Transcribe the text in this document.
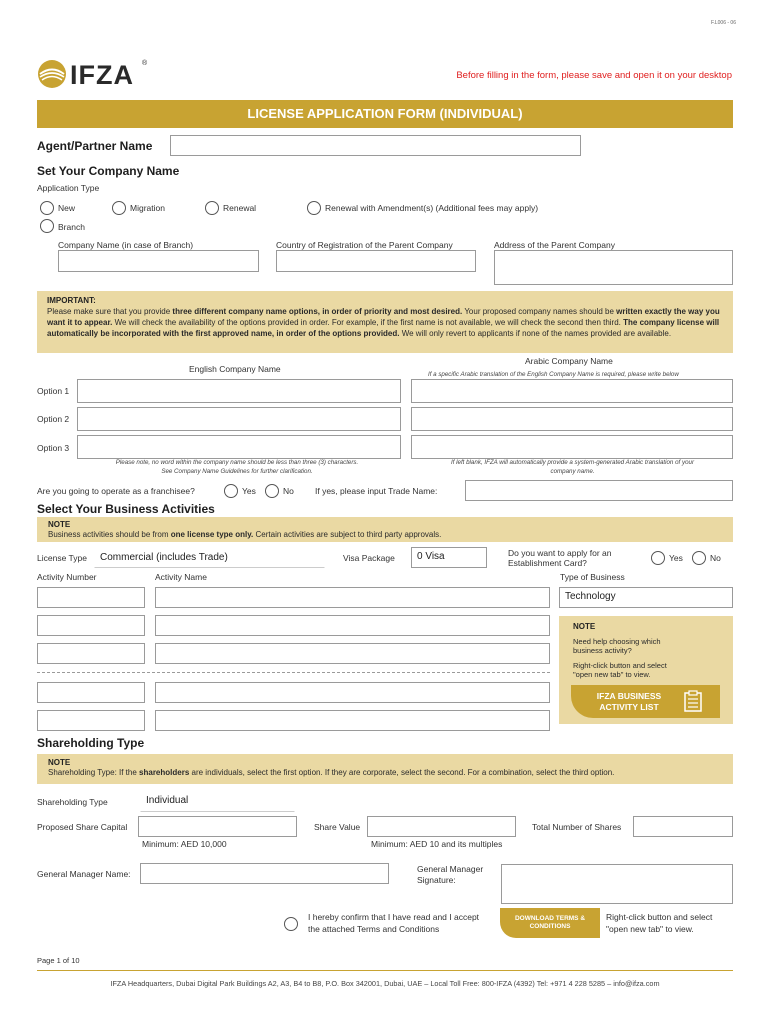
F.L006 - 06
IFZA ®
Before filling in the form, please save and open it on your desktop
LICENSE APPLICATION FORM (INDIVIDUAL)
Agent/Partner Name
Set Your Company Name
Application Type
New	Migration	Renewal	Renewal with Amendment(s) (Additional fees may apply)
Branch
Company Name (in case of Branch)	Country of Registration of the Parent Company	Address of the Parent Company
IMPORTANT:
Please make sure that you provide three different company name options, in order of priority and most desired. Your proposed company names should be written exactly the way you want it to appear. We will check the availability of the options provided in order. For example, if the first name is not available, we will check the second then third. The company license will automatically be incorporated with the first approved name, in order of the options provided. We will only revert to applicants if none of the names provided are available.
English Company Name
Arabic Company Name
If a specific Arabic translation of the English Company Name is required, please write below
Option 1
Option 2
Option 3
Please note, no word within the company name should be less than three (3) characters. See Company Name Guidelines for further clarification.
If left blank, IFZA will automatically provide a system-generated Arabic translation of your company name.
Are you going to operate as a franchisee?	Yes	No If yes, please input Trade Name:
Select Your Business Activities
NOTE
Business activities should be from one license type only. Certain activities are subject to third party approvals.
License Type	Commercial (includes Trade)	Visa Package	0 Visa	Do you want to apply for an Establishment Card?	Yes	No
Activity Number	Activity Name	Type of Business
Technology
NOTE
Need help choosing which business activity?
Right-click button and select "open new tab" to view.
IFZA BUSINESS ACTIVITY LIST
Shareholding Type
NOTE
Shareholding Type: If the shareholders are individuals, select the first option. If they are corporate, select the second. For a combination, select the third option.
Shareholding Type	Individual
Proposed Share Capital	Share Value	Total Number of Shares
Minimum: AED 10,000	Minimum: AED 10 and its multiples
General Manager Name:	General Manager Signature:
I hereby confirm that I have read and I accept the attached Terms and Conditions
DOWNLOAD TERMS & CONDITIONS
Right-click button and select "open new tab" to view.
Page 1 of 10
IFZA Headquarters, Dubai Digital Park Buildings A2, A3, B4 to B8, P.O. Box 342001, Dubai, UAE – Local Toll Free: 800-IFZA (4392) Tel: +971 4 228 5285 – info@ifza.com
